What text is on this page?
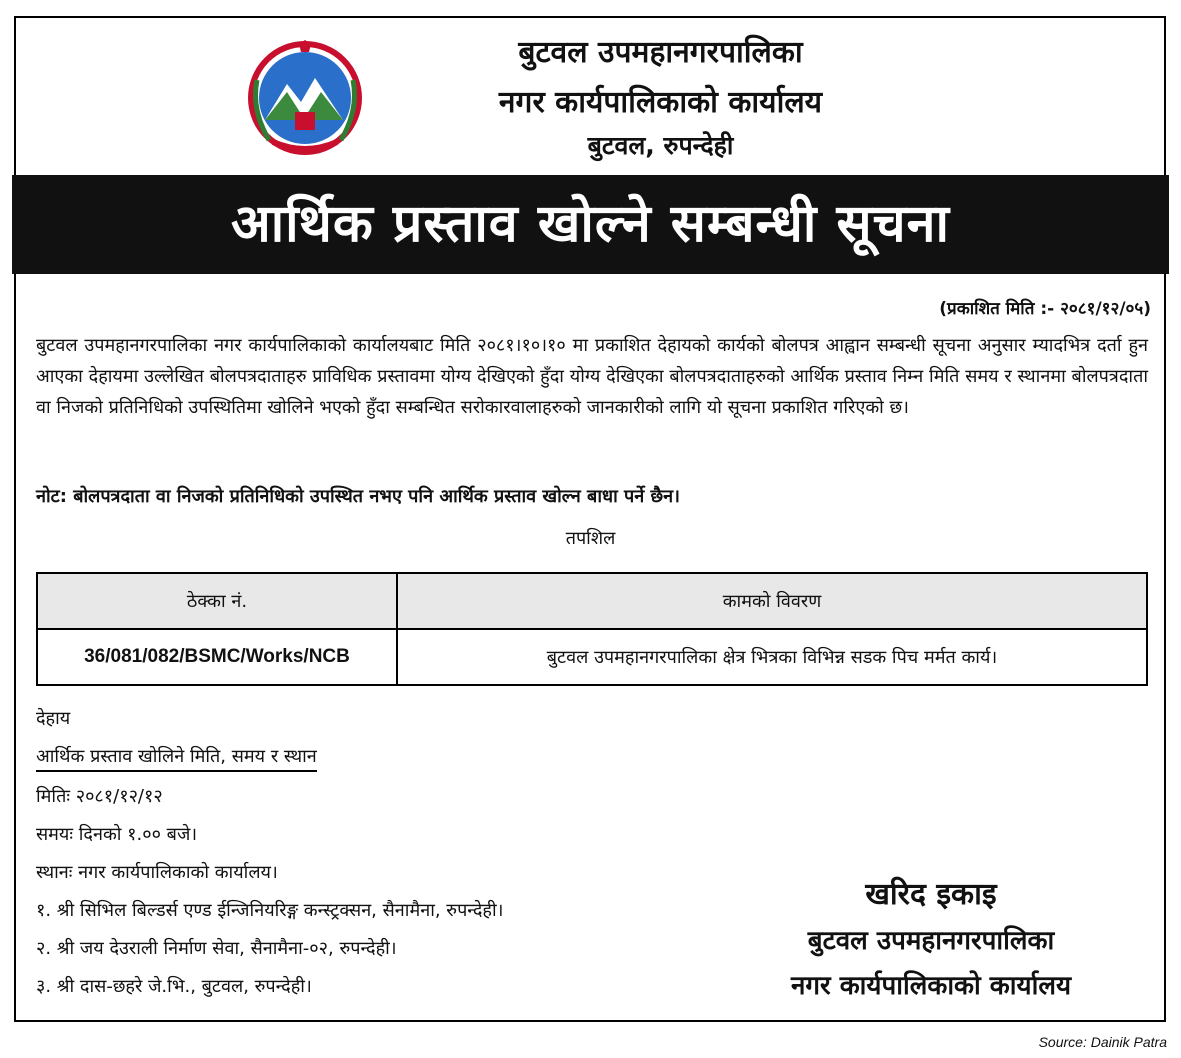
बुटवल उपमहानगरपालिका
नगर कार्यपालिकाको कार्यालय
बुटवल, रुपन्देही
आर्थिक प्रस्ताव खोल्ने सम्बन्धी सूचना
(प्रकाशित मिति :- २०८१/१२/०५)
बुटवल उपमहानगरपालिका नगर कार्यपालिकाको कार्यालयबाट मिति २०८१।१०।१० मा प्रकाशित देहायको कार्यको बोलपत्र आह्वान सम्बन्धी सूचना अनुसार म्यादभित्र दर्ता हुन आएका देहायमा उल्लेखित बोलपत्रदाताहरु प्राविधिक प्रस्तावमा योग्य देखिएको हुँदा योग्य देखिएका बोलपत्रदाताहरुको आर्थिक प्रस्ताव निम्न मिति समय र स्थानमा बोलपत्रदाता वा निजको प्रतिनिधिको उपस्थितिमा खोलिने भएको हुँदा सम्बन्धित सरोकारवालाहरुको जानकारीको लागि यो सूचना प्रकाशित गरिएको छ।
नोट: बोलपत्रदाता वा निजको प्रतिनिधिको उपस्थित नभए पनि आर्थिक प्रस्ताव खोल्न बाधा पर्ने छैन।
तपशिल
ठेक्का नं.	कामको विवरण
36/081/082/BSMC/Works/NCB	बुटवल उपमहानगरपालिका क्षेत्र भित्रका विभिन्न सडक पिच मर्मत कार्य।
देहाय
आर्थिक प्रस्ताव खोलिने मिति, समय र स्थान
मितिः २०८१/१२/१२
समयः दिनको १.०० बजे।
स्थानः नगर कार्यपालिकाको कार्यालय।
१. श्री सिभिल बिल्डर्स एण्ड ईन्जिनियरिङ्ग कन्स्ट्रक्सन, सैनामैना, रुपन्देही।
२. श्री जय देउराली निर्माण सेवा, सैनामैना-०२, रुपन्देही।
३. श्री दास-छहरे जे.भि., बुटवल, रुपन्देही।
खरिद इकाइ
बुटवल उपमहानगरपालिका
नगर कार्यपालिकाको कार्यालय
Source: Dainik Patra
